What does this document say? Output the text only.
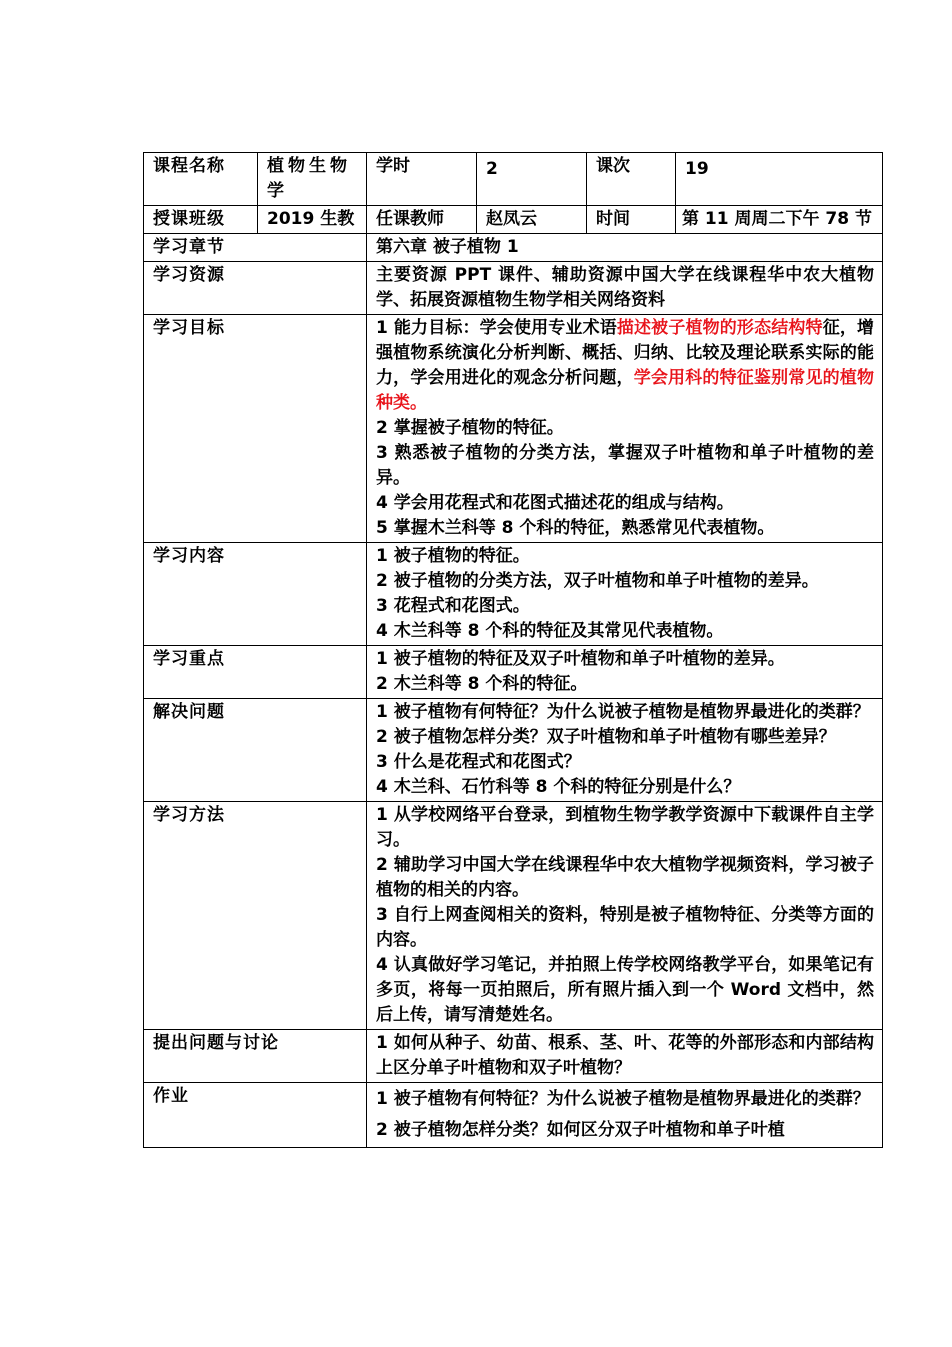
课程名称	植物生物学	学时	2	课次	19
授课班级	2019 生教	任课教师	赵凤云	时间	第 11 周周二下午 78 节
学习章节		第六章 被子植物 1			
学习资源		主要资源 PPT 课件、辅助资源中国大学在线课程华中农大植物学、拓展资源植物生物学相关网络资料			

学习目标		1 能力目标：学会使用专业术语描述被子植物的形态结构特征，增强植物系统演化分析判断、概括、归纳、比较及理论联系实际的能力，学会用进化的观念分析问题，学会用科的特征鉴别常见的植物种类。

2 掌握被子植物的特征。

3 熟悉被子植物的分类方法，掌握双子叶植物和单子叶植物的差异。

4 学会用花程式和花图式描述花的组成与结构。

5 掌握木兰科等 8 个科的特征，熟悉常见代表植物。			

学习内容		1 被子植物的特征。

2 被子植物的分类方法，双子叶植物和单子叶植物的差异。

3 花程式和花图式。

4 木兰科等 8 个科的特征及其常见代表植物。			

学习重点		1 被子植物的特征及双子叶植物和单子叶植物的差异。

2 木兰科等 8 个科的特征。			

解决问题		1 被子植物有何特征？为什么说被子植物是植物界最进化的类群？

2 被子植物怎样分类？双子叶植物和单子叶植物有哪些差异？

3 什么是花程式和花图式？

4 木兰科、石竹科等 8 个科的特征分别是什么？			

学习方法		1 从学校网络平台登录，到植物生物学教学资源中下载课件自主学习。

2 辅助学习中国大学在线课程华中农大植物学视频资料，学习被子植物的相关的内容。

3 自行上网查阅相关的资料，特别是被子植物特征、分类等方面的内容。

4 认真做好学习笔记，并拍照上传学校网络教学平台，如果笔记有多页，将每一页拍照后，所有照片插入到一个 Word 文档中，然后上传，请写清楚姓名。			

提出问题与讨论		1 如何从种子、幼苗、根系、茎、叶、花等的外部形态和内部结构上区分单子叶植物和双子叶植物？			

作业		1 被子植物有何特征？为什么说被子植物是植物界最进化的类群？

2 被子植物怎样分类？如何区分双子叶植物和单子叶植			
